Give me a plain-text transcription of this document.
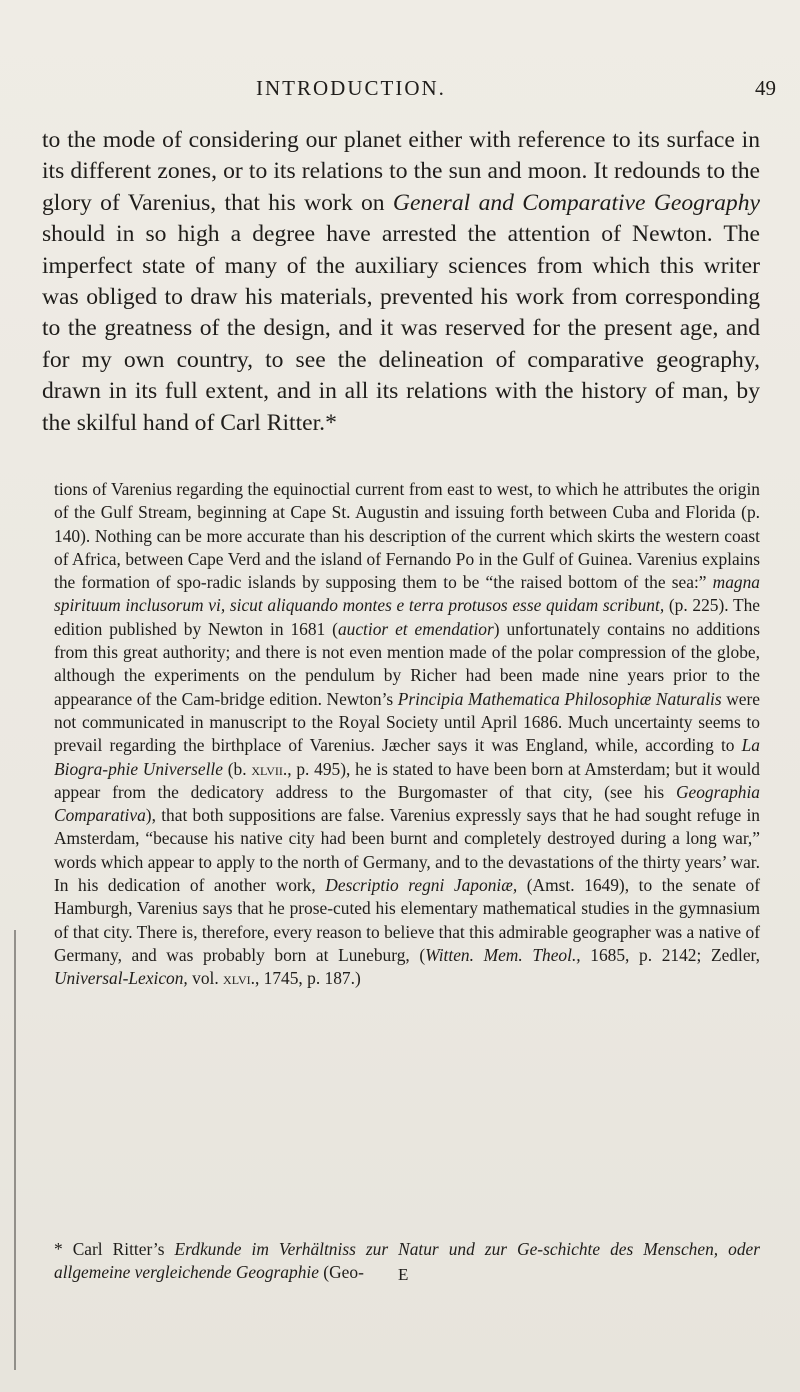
INTRODUCTION.	49

to the mode of considering our planet either with reference to its surface in its different zones, or to its relations to the sun and moon. It redounds to the glory of Varenius, that his work on General and Comparative Geography should in so high a degree have arrested the attention of Newton. The imperfect state of many of the auxiliary sciences from which this writer was obliged to draw his materials, prevented his work from corresponding to the greatness of the design, and it was reserved for the present age, and for my own country, to see the delineation of comparative geography, drawn in its full extent, and in all its relations with the history of man, by the skilful hand of Carl Ritter.*

tions of Varenius regarding the equinoctial current from east to west, to which he attributes the origin of the Gulf Stream, beginning at Cape St. Augustin and issuing forth between Cuba and Florida (p. 140). Nothing can be more accurate than his description of the current which skirts the western coast of Africa, between Cape Verd and the island of Fernando Po in the Gulf of Guinea. Varenius explains the formation of spo-radic islands by supposing them to be “the raised bottom of the sea:” magna spirituum inclusorum vi, sicut aliquando montes e terra protusos esse quidam scribunt, (p. 225). The edition published by Newton in 1681 (auctior et emendatior) unfortunately contains no additions from this great authority; and there is not even mention made of the polar compression of the globe, although the experiments on the pendulum by Richer had been made nine years prior to the appearance of the Cam-bridge edition. Newton’s Principia Mathematica Philosophiæ Naturalis were not communicated in manuscript to the Royal Society until April 1686. Much uncertainty seems to prevail regarding the birthplace of Varenius. Jæcher says it was England, while, according to La Biogra-phie Universelle (b. xlvii., p. 495), he is stated to have been born at Amsterdam; but it would appear from the dedicatory address to the Burgomaster of that city, (see his Geographia Comparativa), that both suppositions are false. Varenius expressly says that he had sought refuge in Amsterdam, “because his native city had been burnt and completely destroyed during a long war,” words which appear to apply to the north of Germany, and to the devastations of the thirty years’ war. In his dedication of another work, Descriptio regni Japoniæ, (Amst. 1649), to the senate of Hamburgh, Varenius says that he prose-cuted his elementary mathematical studies in the gymnasium of that city. There is, therefore, every reason to believe that this admirable geographer was a native of Germany, and was probably born at Luneburg, (Witten. Mem. Theol., 1685, p. 2142; Zedler, Universal-Lexicon, vol. xlvi., 1745, p. 187.)

* Carl Ritter’s Erdkunde im Verhältniss zur Natur und zur Ge-schichte des Menschen, oder allgemeine vergleichende Geographie (Geo-	E
